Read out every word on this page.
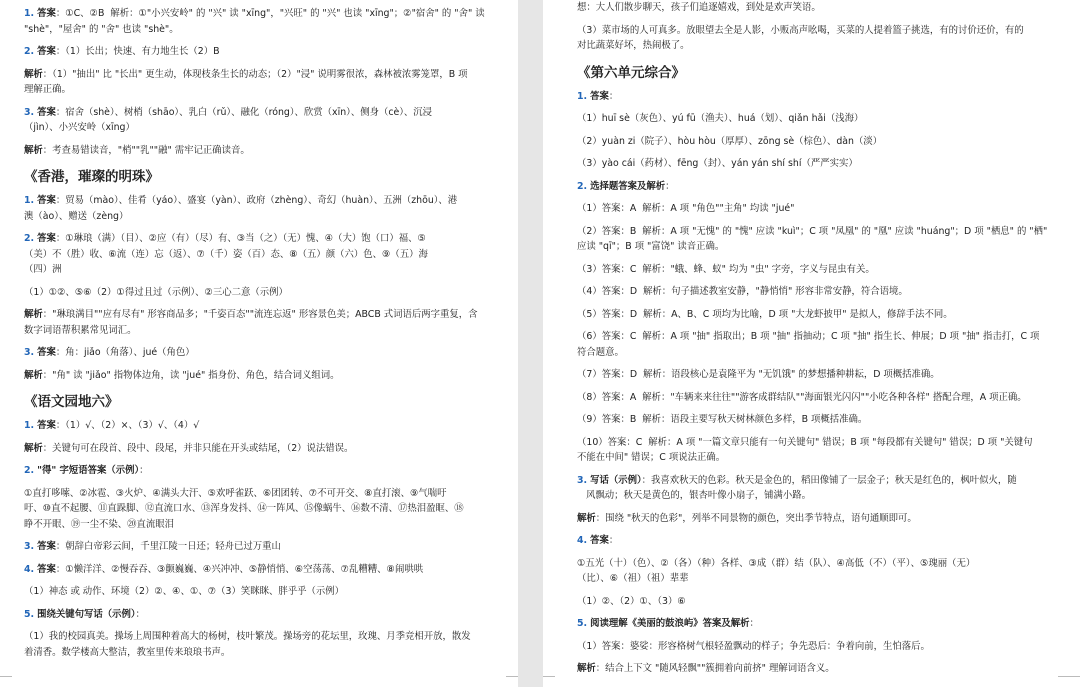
1. 答案：①C、②B  解析：①"小兴安岭" 的 "兴" 读 "xīng"，"兴旺" 的 "兴" 也读 "xīng"；②"宿舍" 的 "舍" 读

"shè"，"屋舍" 的 "舍" 也读 "shè"。

2. 答案：（1）长出；快速、有力地生长（2）B

解析：（1）"抽出" 比 "长出" 更生动，体现枝条生长的动态；（2）"浸" 说明雾很浓，森林被浓雾笼罩，B 项

理解正确。

3. 答案：宿舍（shè）、树梢（shāo）、乳白（rǔ）、融化（róng）、欣赏（xīn）、侧身（cè）、沉浸

（jìn）、小兴安岭（xīng）

解析：考查易错读音，"梢""乳""融" 需牢记正确读音。

《香港，璀璨的明珠》

1. 答案：贸易（mào）、佳肴（yáo）、盛宴（yàn）、政府（zhèng）、奇幻（huàn）、五洲（zhōu）、港

澳（ào）、赠送（zèng）

2. 答案：①琳琅（满）（目）、②应（有）（尽）有、③当（之）（无）愧、④（大）饱（口）福、⑤

（美）不（胜）收、⑥流（连）忘（返）、⑦（千）姿（百）态、⑧（五）颜（六）色、⑨（五）海

（四）洲

（1）①②、⑤⑥（2）①得过且过（示例）、②三心二意（示例）

解析："琳琅满目""应有尽有" 形容商品多；"千姿百态""流连忘返" 形容景色美；ABCB 式词语后两字重复，含

数字词语帮积累常见词汇。

3. 答案：角：jiǎo（角落）、jué（角色）

解析："角" 读 "jiǎo" 指物体边角，读 "jué" 指身份、角色，结合词义组词。

《语文园地六》

1. 答案：（1）√、（2）×、（3）√、（4）√

解析：关键句可在段首、段中、段尾，并非只能在开头或结尾，（2）说法错误。

2. "得" 字短语答案（示例）：

①直打哆嗦、②冰雹、③火炉、④满头大汗、⑤欢呼雀跃、⑥团团转、⑦不可开交、⑧直打滚、⑨气喘吁

吁、⑩直不起腰、⑪直跺脚、⑫直流口水、⑬浑身发抖、⑭一阵风、⑮像蜗牛、⑯数不清、⑰热泪盈眶、⑱

睁不开眼、⑲一尘不染、⑳直流眼泪

3. 答案：朝辞白帝彩云间，千里江陵一日还；轻舟已过万重山

4. 答案：①懒洋洋、②慢吞吞、③颤巍巍、④兴冲冲、⑤静悄悄、⑥空荡荡、⑦乱糟糟、⑧闹哄哄

（1）神态 或 动作、环境（2）②、④、①、⑦（3）笑眯眯、胖乎乎（示例）

5. 围绕关键句写话（示例）：

（1）我的校园真美。操场上周围种着高大的杨树，枝叶繁茂。操场旁的花坛里，玫瑰、月季竞相开放，散发

着清香。数学楼高大整洁，教室里传来琅琅书声。

想：大人们散步聊天，孩子们追逐嬉戏，到处是欢声笑语。

（3）菜市场的人可真多。放眼望去全是人影，小贩高声吆喝，买菜的人提着篮子挑选，有的讨价还价，有的

对比蔬菜好坏，热闹极了。

《第六单元综合》

1. 答案：

（1）huī sè（灰色）、yú fū（渔夫）、huá（划）、qiǎn hǎi（浅海）

（2）yuàn zi（院子）、hòu hòu（厚厚）、zōng sè（棕色）、dàn（淡）

（3）yào cái（药材）、fēng（封）、yán yán shí shí（严严实实）

2. 选择题答案及解析：

（1）答案：A  解析：A 项 "角色""主角" 均读 "jué"

（2）答案：B  解析：A 项 "无愧" 的 "愧" 应读 "kuì"；C 项 "凤凰" 的 "凰" 应读 "huáng"；D 项 "栖息" 的 "栖"

应读 "qī"；B 项 "富饶" 读音正确。

（3）答案：C  解析："蛾、蜂、蚁" 均为 "虫" 字旁，字义与昆虫有关。

（4）答案：D  解析：句子描述教室安静，"静悄悄" 形容非常安静，符合语境。

（5）答案：D  解析：A、B、C 项均为比喻，D 项 "大龙虾披甲" 是拟人，修辞手法不同。

（6）答案：C  解析：A 项 "抽" 指取出；B 项 "抽" 指抽动；C 项 "抽" 指生长、伸展；D 项 "抽" 指击打，C 项

符合题意。

（7）答案：D  解析：语段核心是袁隆平为 "无饥饿" 的梦想播种耕耘，D 项概括准确。

（8）答案：A  解析："车辆来来往往""游客成群结队""海面银光闪闪""小吃各种各样" 搭配合理，A 项正确。

（9）答案：B  解析：语段主要写秋天树林颜色多样，B 项概括准确。

（10）答案：C  解析：A 项 "一篇文章只能有一句关键句" 错误；B 项 "每段都有关键句" 错误；D 项 "关键句

不能在中间" 错误；C 项说法正确。

3. 写话（示例）：我喜欢秋天的色彩。秋天是金色的，稻田像铺了一层金子；秋天是红色的，枫叶似火，随

风飘动；秋天是黄色的，银杏叶像小扇子，铺满小路。

解析：围绕 "秋天的色彩"，列举不同景物的颜色，突出季节特点，语句通顺即可。

4. 答案：

①五光（十）（色）、②（各）（种）各样、③成（群）结（队）、④高低（不）（平）、⑤瑰丽（无）

（比）、⑥（祖）（祖）辈辈

（1）②、（2）①、（3）⑥

5. 阅读理解《美丽的鼓浪屿》答案及解析：

（1）答案：婆娑：形容格树气根轻盈飘动的样子；争先恐后：争着向前，生怕落后。

解析：结合上下文 "随风轻飘""簇拥着向前挤" 理解词语含义。
